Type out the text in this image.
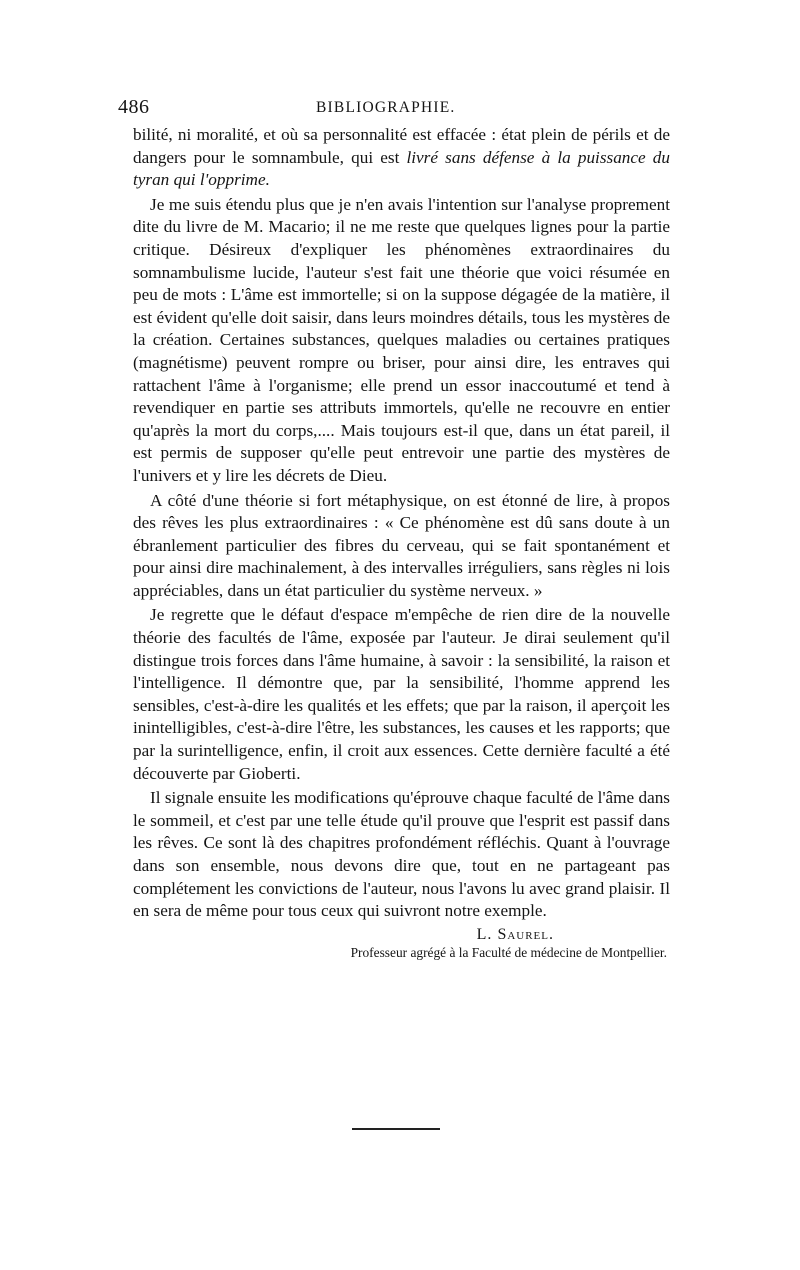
486	BIBLIOGRAPHIE.

bilité, ni moralité, et où sa personnalité est effacée : état plein de périls et de dangers pour le somnambule, qui est livré sans défense à la puissance du tyran qui l'opprime.

Je me suis étendu plus que je n'en avais l'intention sur l'analyse proprement dite du livre de M. Macario; il ne me reste que quelques lignes pour la partie critique. Désireux d'expliquer les phénomènes extraordinaires du somnambulisme lucide, l'auteur s'est fait une théorie que voici résumée en peu de mots : L'âme est immortelle; si on la suppose dégagée de la matière, il est évident qu'elle doit saisir, dans leurs moindres détails, tous les mystères de la création. Certaines substances, quelques maladies ou certaines pratiques (magnétisme) peuvent rompre ou briser, pour ainsi dire, les entraves qui rattachent l'âme à l'organisme; elle prend un essor inaccoutumé et tend à revendiquer en partie ses attributs immortels, qu'elle ne recouvre en entier qu'après la mort du corps,.... Mais toujours est-il que, dans un état pareil, il est permis de supposer qu'elle peut entrevoir une partie des mystères de l'univers et y lire les décrets de Dieu.

A côté d'une théorie si fort métaphysique, on est étonné de lire, à propos des rêves les plus extraordinaires : « Ce phénomène est dû sans doute à un ébranlement particulier des fibres du cerveau, qui se fait spontanément et pour ainsi dire machinalement, à des intervalles irréguliers, sans règles ni lois appréciables, dans un état particulier du système nerveux. »

Je regrette que le défaut d'espace m'empêche de rien dire de la nouvelle théorie des facultés de l'âme, exposée par l'auteur. Je dirai seulement qu'il distingue trois forces dans l'âme humaine, à savoir : la sensibilité, la raison et l'intelligence. Il démontre que, par la sensibilité, l'homme apprend les sensibles, c'est-à-dire les qualités et les effets; que par la raison, il aperçoit les inintelligibles, c'est-à-dire l'être, les substances, les causes et les rapports; que par la surintelligence, enfin, il croit aux essences. Cette dernière faculté a été découverte par Gioberti.

Il signale ensuite les modifications qu'éprouve chaque faculté de l'âme dans le sommeil, et c'est par une telle étude qu'il prouve que l'esprit est passif dans les rêves. Ce sont là des chapitres profondément réfléchis. Quant à l'ouvrage dans son ensemble, nous devons dire que, tout en ne partageant pas complétement les convictions de l'auteur, nous l'avons lu avec grand plaisir. Il en sera de même pour tous ceux qui suivront notre exemple.

L. Saurel.
Professeur agrégé à la Faculté de médecine de Montpellier.
